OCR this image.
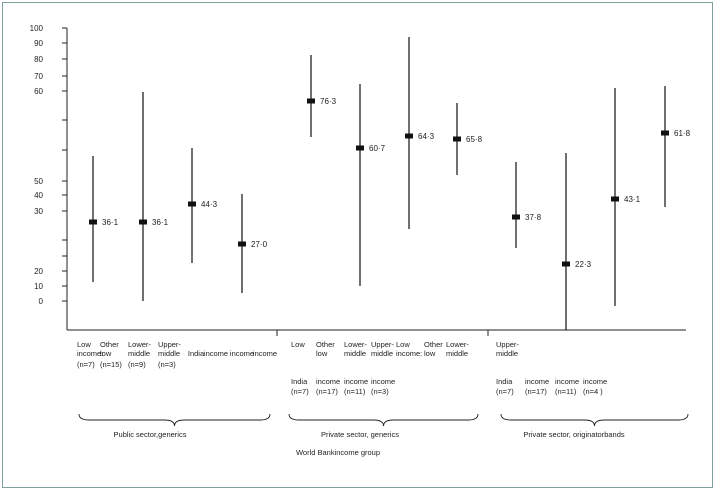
100
90
80
70
60
50
40
30
20
10
0
36·1	36·1
44·3
27·0
76·3
60·7
64·3	65·8
37·8
22·3
43·1
61·8
Low
income:
(n=7)
Other
low
(n=15)
Lower-
middle
(n=9)
Upper-
middle
(n=3)
India income income
income
Low
India
(n=7)
Other
income
(n=17)
Lower-
income
(n=11)
Upper-
income
(n=3)
Low
income:
Other
low
Lower-
middle
middle
low middle
Upper-
India
(n=7)
income
(n=17)
income
(n=11)
income
(n=4 )
middle
Public sector,generics	Private sector, generics	Private sector, originatorbands
World Bankincome group
